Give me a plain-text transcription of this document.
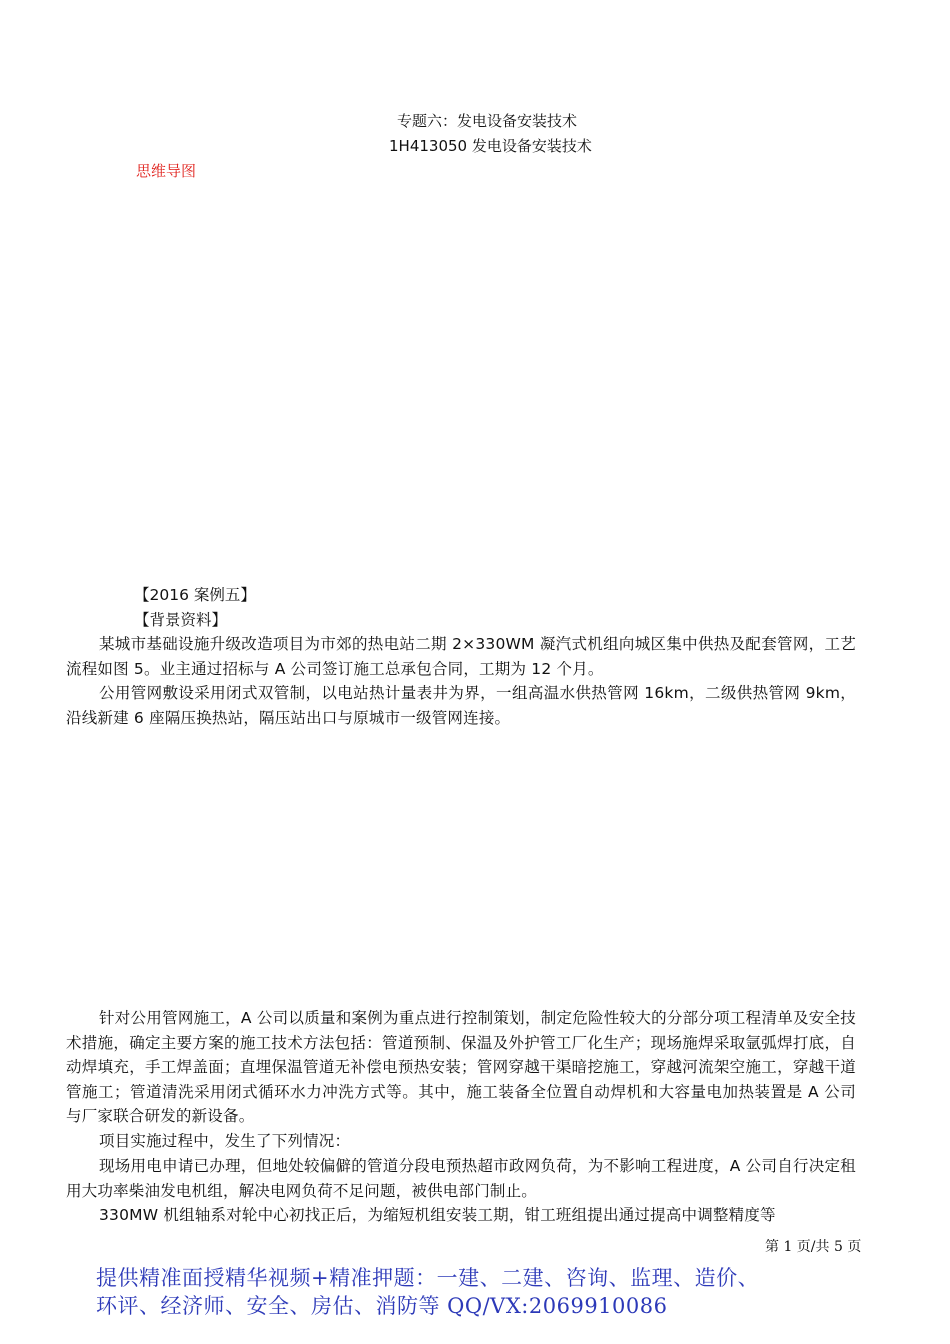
专题六：发电设备安装技术
1H413050 发电设备安装技术
思维导图
【2016 案例五】
【背景资料】
某城市基础设施升级改造项目为市郊的热电站二期 2×330WM 凝汽式机组向城区集中供热及配套管网，工艺流程如图 5。业主通过招标与 A 公司签订施工总承包合同，工期为 12 个月。
公用管网敷设采用闭式双管制，以电站热计量表井为界，一组高温水供热管网 16km，二级供热管网 9km，沿线新建 6 座隔压换热站，隔压站出口与原城市一级管网连接。
针对公用管网施工，A 公司以质量和案例为重点进行控制策划，制定危险性较大的分部分项工程清单及安全技术措施，确定主要方案的施工技术方法包括：管道预制、保温及外护管工厂化生产；现场施焊采取氩弧焊打底，自动焊填充，手工焊盖面；直埋保温管道无补偿电预热安装；管网穿越干渠暗挖施工，穿越河流架空施工，穿越干道管施工；管道清洗采用闭式循环水力冲洗方式等。其中，施工装备全位置自动焊机和大容量电加热装置是 A 公司与厂家联合研发的新设备。
项目实施过程中，发生了下列情况：
现场用电申请已办理，但地处较偏僻的管道分段电预热超市政网负荷，为不影响工程进度，A 公司自行决定租用大功率柴油发电机组，解决电网负荷不足问题，被供电部门制止。
330MW 机组轴系对轮中心初找正后，为缩短机组安装工期，钳工班组提出通过提高中调整精度等
第 1 页/共 5 页
提供精准面授精华视频+精准押题：一建、二建、咨询、监理、造价、
环评、经济师、安全、房估、消防等 QQ/VX:2069910086
